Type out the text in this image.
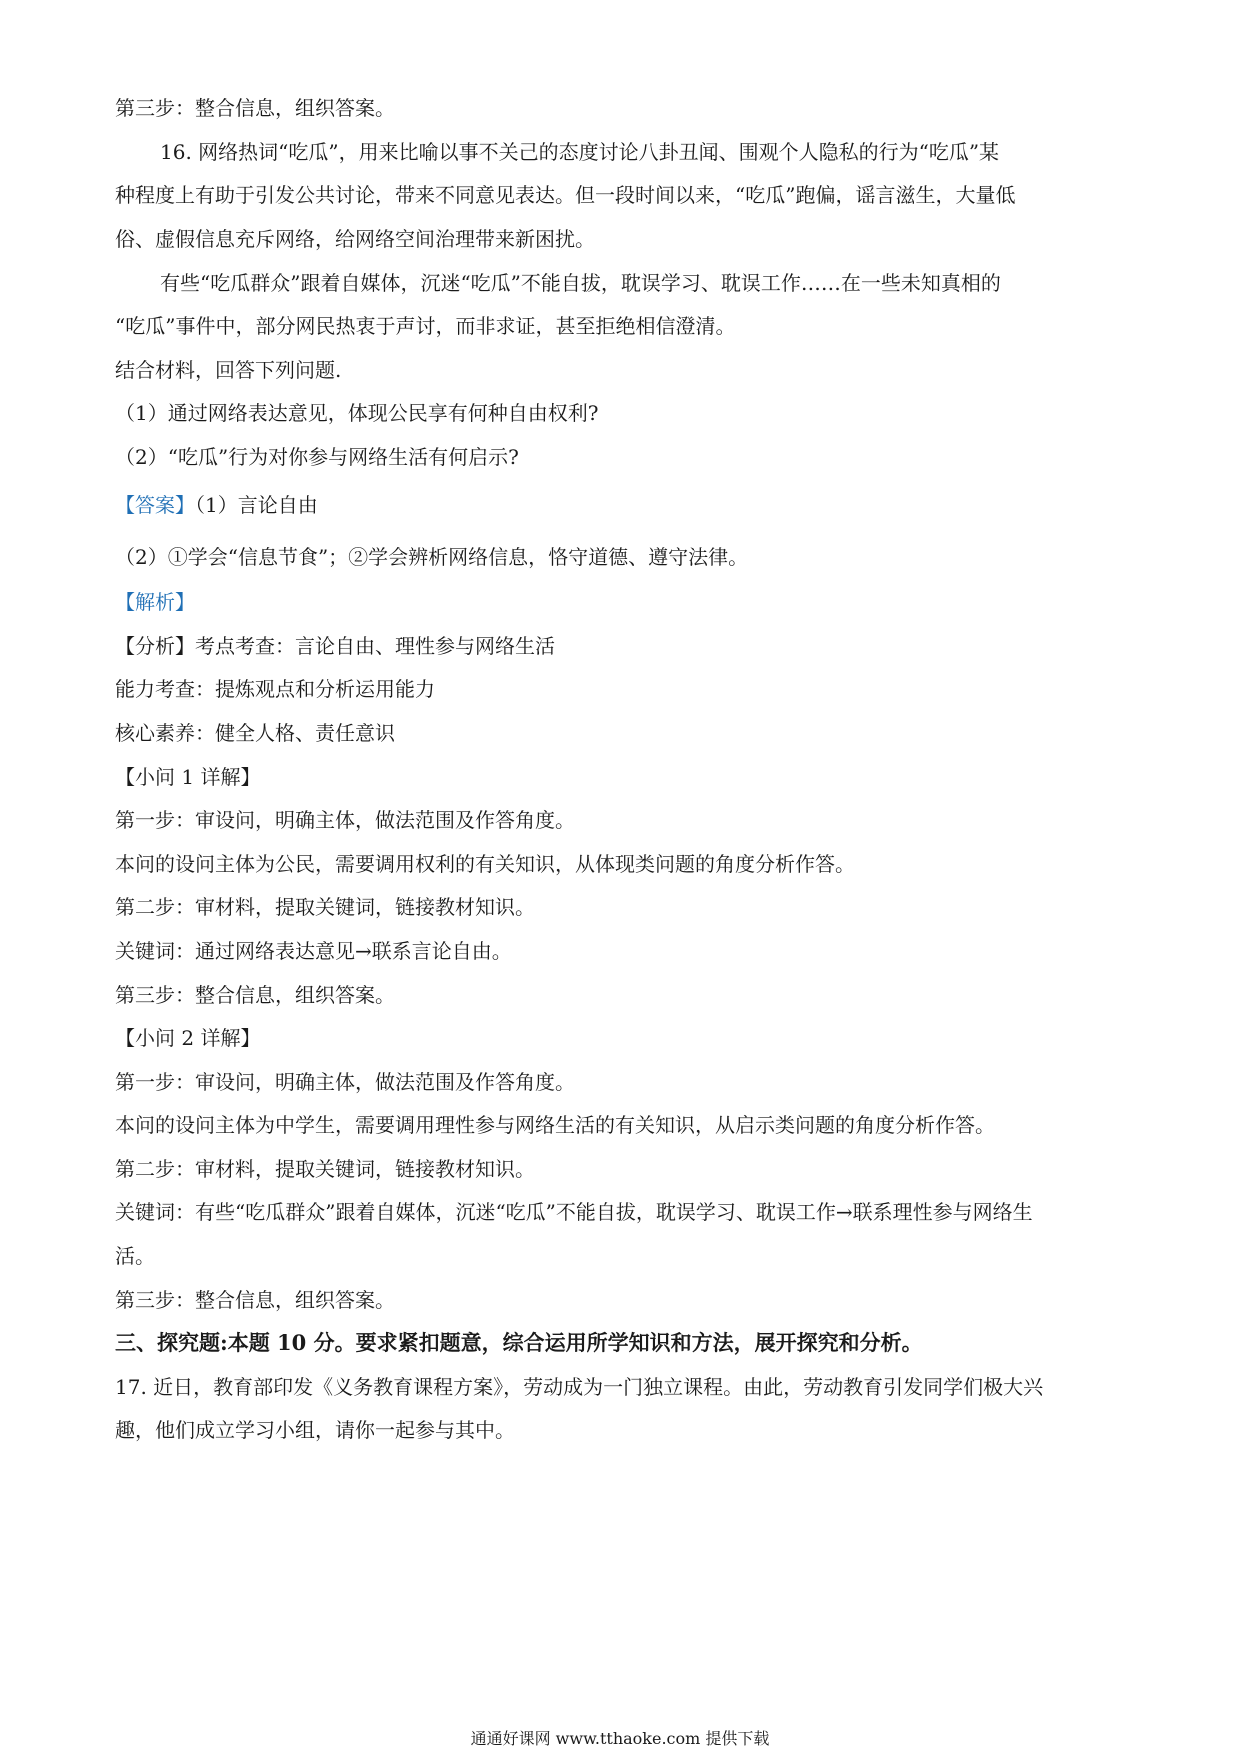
第三步：整合信息，组织答案。
16. 网络热词“吃瓜”，用来比喻以事不关己的态度讨论八卦丑闻、围观个人隐私的行为“吃瓜”某
种程度上有助于引发公共讨论，带来不同意见表达。但一段时间以来，“吃瓜”跑偏，谣言滋生，大量低
俗、虚假信息充斥网络，给网络空间治理带来新困扰。
有些“吃瓜群众”跟着自媒体，沉迷“吃瓜”不能自拔，耽误学习、耽误工作……在一些未知真相的
“吃瓜”事件中，部分网民热衷于声讨，而非求证，甚至拒绝相信澄清。
结合材料，回答下列问题.
（1）通过网络表达意见，体现公民享有何种自由权利?
（2）“吃瓜”行为对你参与网络生活有何启示?
【答案】（1）言论自由
（2）①学会“信息节食”；②学会辨析网络信息，恪守道德、遵守法律。
【解析】
【分析】考点考查：言论自由、理性参与网络生活
能力考查：提炼观点和分析运用能力
核心素养：健全人格、责任意识
【小问 1 详解】
第一步：审设问，明确主体，做法范围及作答角度。
本问的设问主体为公民，需要调用权利的有关知识，从体现类问题的角度分析作答。
第二步：审材料，提取关键词，链接教材知识。
关键词：通过网络表达意见→联系言论自由。
第三步：整合信息，组织答案。
【小问 2 详解】
第一步：审设问，明确主体，做法范围及作答角度。
本问的设问主体为中学生，需要调用理性参与网络生活的有关知识，从启示类问题的角度分析作答。
第二步：审材料，提取关键词，链接教材知识。
关键词：有些“吃瓜群众”跟着自媒体，沉迷“吃瓜”不能自拔，耽误学习、耽误工作→联系理性参与网络生
活。
第三步：整合信息，组织答案。
三、探究题:本题 10 分。要求紧扣题意，综合运用所学知识和方法，展开探究和分析。
17. 近日，教育部印发《义务教育课程方案》，劳动成为一门独立课程。由此，劳动教育引发同学们极大兴
趣，他们成立学习小组，请你一起参与其中。
通通好课网 www.tthaoke.com 提供下载
